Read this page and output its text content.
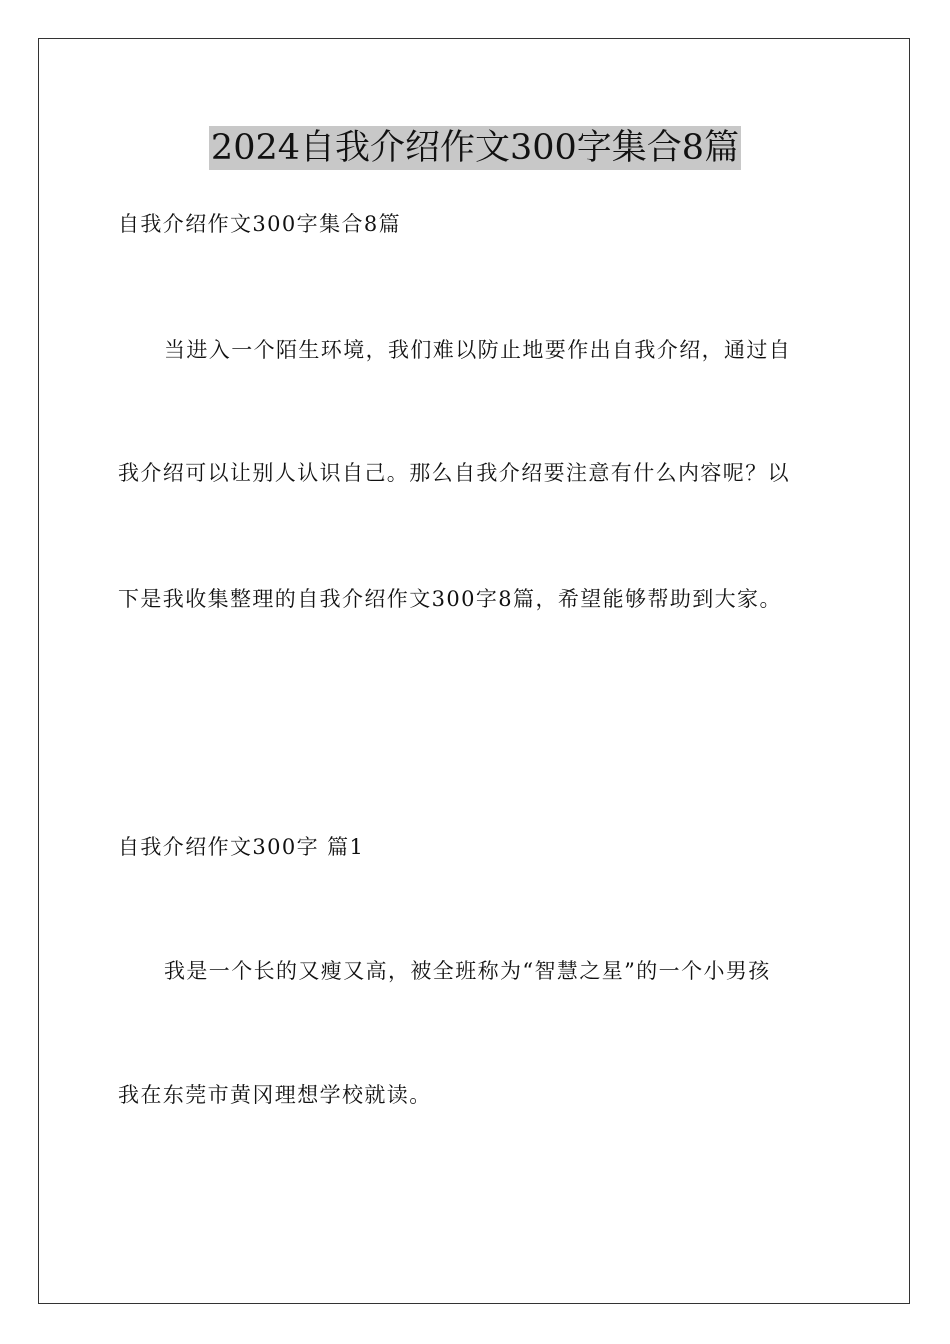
2024自我介绍作文300字集合8篇
自我介绍作文300字集合8篇
当进入一个陌生环境，我们难以防止地要作出自我介绍，通过自
我介绍可以让别人认识自己。那么自我介绍要注意有什么内容呢？以
下是我收集整理的自我介绍作文300字8篇，希望能够帮助到大家。
自我介绍作文300字 篇1
我是一个长的又瘦又高，被全班称为“智慧之星”的一个小男孩
我在东莞市黄冈理想学校就读。
